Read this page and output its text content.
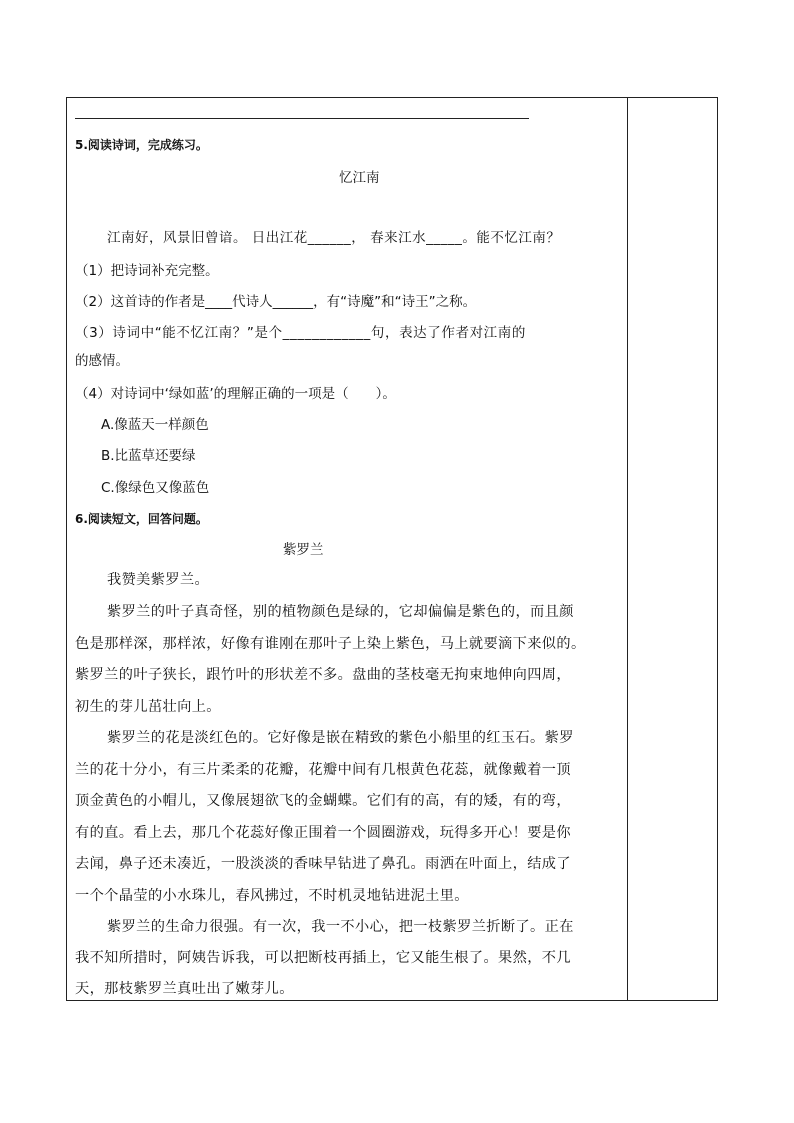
5.阅读诗词，完成练习。
忆江南
江南好，风景旧曾谙。 日出江花______， 春来江水_____。能不忆江南？
（1）把诗词补充完整。
（2）这首诗的作者是____代诗人______，有“诗魔”和“诗王”之称。
（3）诗词中“能不忆江南？”是个____________句，表达了作者对江南的
的感情。
（4）对诗词中‘绿如蓝’的理解正确的一项是（　　）。
A.像蓝天一样颜色
B.比蓝草还要绿
C.像绿色又像蓝色
6.阅读短文，回答问题。
紫罗兰
我赞美紫罗兰。
紫罗兰的叶子真奇怪，别的植物颜色是绿的，它却偏偏是紫色的，而且颜
色是那样深，那样浓，好像有谁刚在那叶子上染上紫色，马上就要滴下来似的。
紫罗兰的叶子狭长，跟竹叶的形状差不多。盘曲的茎枝毫无拘束地伸向四周，
初生的芽儿茁壮向上。
紫罗兰的花是淡红色的。它好像是嵌在精致的紫色小船里的红玉石。紫罗
兰的花十分小，有三片柔柔的花瓣，花瓣中间有几根黄色花蕊，就像戴着一顶
顶金黄色的小帽儿，又像展翅欲飞的金蝴蝶。它们有的高，有的矮，有的弯，
有的直。看上去，那几个花蕊好像正围着一个圆圈游戏，玩得多开心！要是你
去闻，鼻子还未凑近，一股淡淡的香味早钻进了鼻孔。雨洒在叶面上，结成了
一个个晶莹的小水珠儿，春风拂过，不时机灵地钻进泥土里。
紫罗兰的生命力很强。有一次，我一不小心，把一枝紫罗兰折断了。正在
我不知所措时，阿姨告诉我，可以把断枝再插上，它又能生根了。果然，不几
天，那枝紫罗兰真吐出了嫩芽儿。
